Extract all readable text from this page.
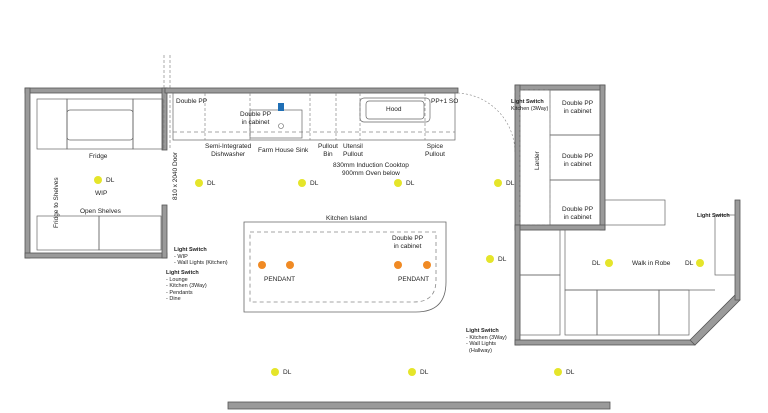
Double PP
Double PP
in cabinet
PP+1 SO
Hood
Semi-Integrated
Dishwasher	Farm House Sink
Pullout
Bin
Utensil
Pullout
Spice
Pullout
830mm Induction Cooktop
900mm Oven below
Fridge
WIP
Fridge to Shelves
810 x 2040 Door
Open Shelves
Kitchen Island
Double PP
in cabinet
PENDANT	PENDANT
Larder
Double PP
in cabinet
Double PP
in cabinet
Double PP
in cabinet
Walk in Robe
DL	DL	DL	DL	DL
DL
DL	DL
DL	DL	DL
Light Switch
Kitchen (3Way)
Light Switch
Light Switch
- WIP
- Wall Lights (Kitchen)
Light Switch
- Lounge
- Kitchen (3Way)
- Pendants
- Dine
Light Switch
- Kitchen (3Way)
- Wall Lights
(Hallway)
